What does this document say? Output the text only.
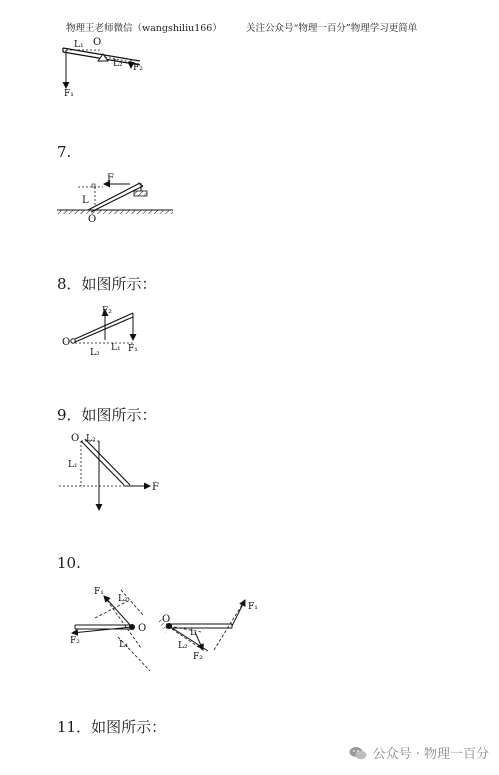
物理王老师微信（wangshiliu166）	关注公众号“物理一百分”物理学习更简单
7.
8．如图所示：
9．如图所示：
10.
11．如图所示：
O
L₁
L₂
F₁
F₂
F
L
O
F₂
O
L₂ L₁ F₁
O L₂
L₁
F
F₁
L₂
O
F₂	L₁
O
F₁
L
L₂
F₂
公众号 · 物理一百分
